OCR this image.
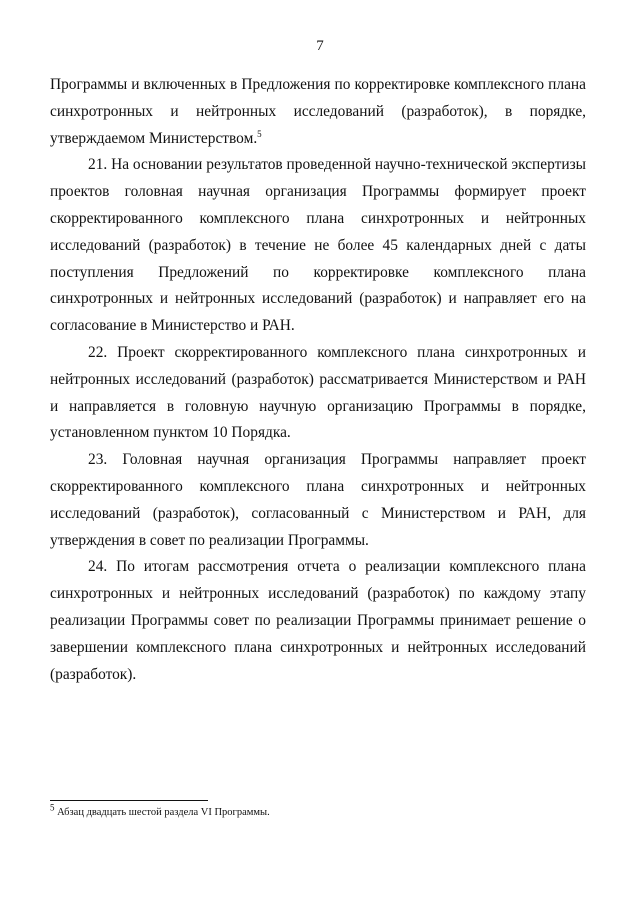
7

Программы и включенных в Предложения по корректировке комплексного плана синхротронных и нейтронных исследований (разработок), в порядке, утверждаемом Министерством.$^5$

21. На основании результатов проведенной научно-технической экспертизы проектов головная научная организация Программы формирует проект скорректированного комплексного плана синхротронных и нейтронных исследований (разработок) в течение не более 45 календарных дней с даты поступления Предложений по корректировке комплексного плана синхротронных и нейтронных исследований (разработок) и направляет его на согласование в Министерство и РАН.

22. Проект скорректированного комплексного плана синхротронных и нейтронных исследований (разработок) рассматривается Министерством и РАН и направляется в головную научную организацию Программы в порядке, установленном пунктом 10 Порядка.

23. Головная научная организация Программы направляет проект скорректированного комплексного плана синхротронных и нейтронных исследований (разработок), согласованный с Министерством и РАН, для утверждения в совет по реализации Программы.

24. По итогам рассмотрения отчета о реализации комплексного плана синхротронных и нейтронных исследований (разработок) по каждому этапу реализации Программы совет по реализации Программы принимает решение о завершении комплексного плана синхротронных и нейтронных исследований (разработок).

$^5$ Абзац двадцать шестой раздела VI Программы.
